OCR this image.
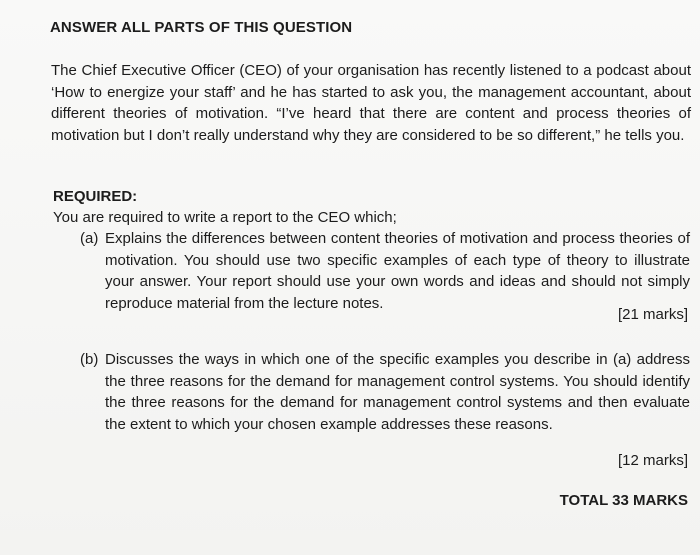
ANSWER ALL PARTS OF THIS QUESTION

The Chief Executive Officer (CEO) of your organisation has recently listened to a podcast about ‘How to energize your staff’ and he has started to ask you, the management accountant, about different theories of motivation. “I’ve heard that there are content and process theories of motivation but I don’t really understand why they are considered to be so different,” he tells you.

REQUIRED:
You are required to write a report to the CEO which;
(a) Explains the differences between content theories of motivation and process theories of motivation. You should use two specific examples of each type of theory to illustrate your answer. Your report should use your own words and ideas and should not simply reproduce material from the lecture notes.

[21 marks]
(b) Discusses the ways in which one of the specific examples you describe in (a) address the three reasons for the demand for management control systems. You should identify the three reasons for the demand for management control systems and then evaluate the extent to which your chosen example addresses these reasons.

[12 marks]
TOTAL 33 MARKS
